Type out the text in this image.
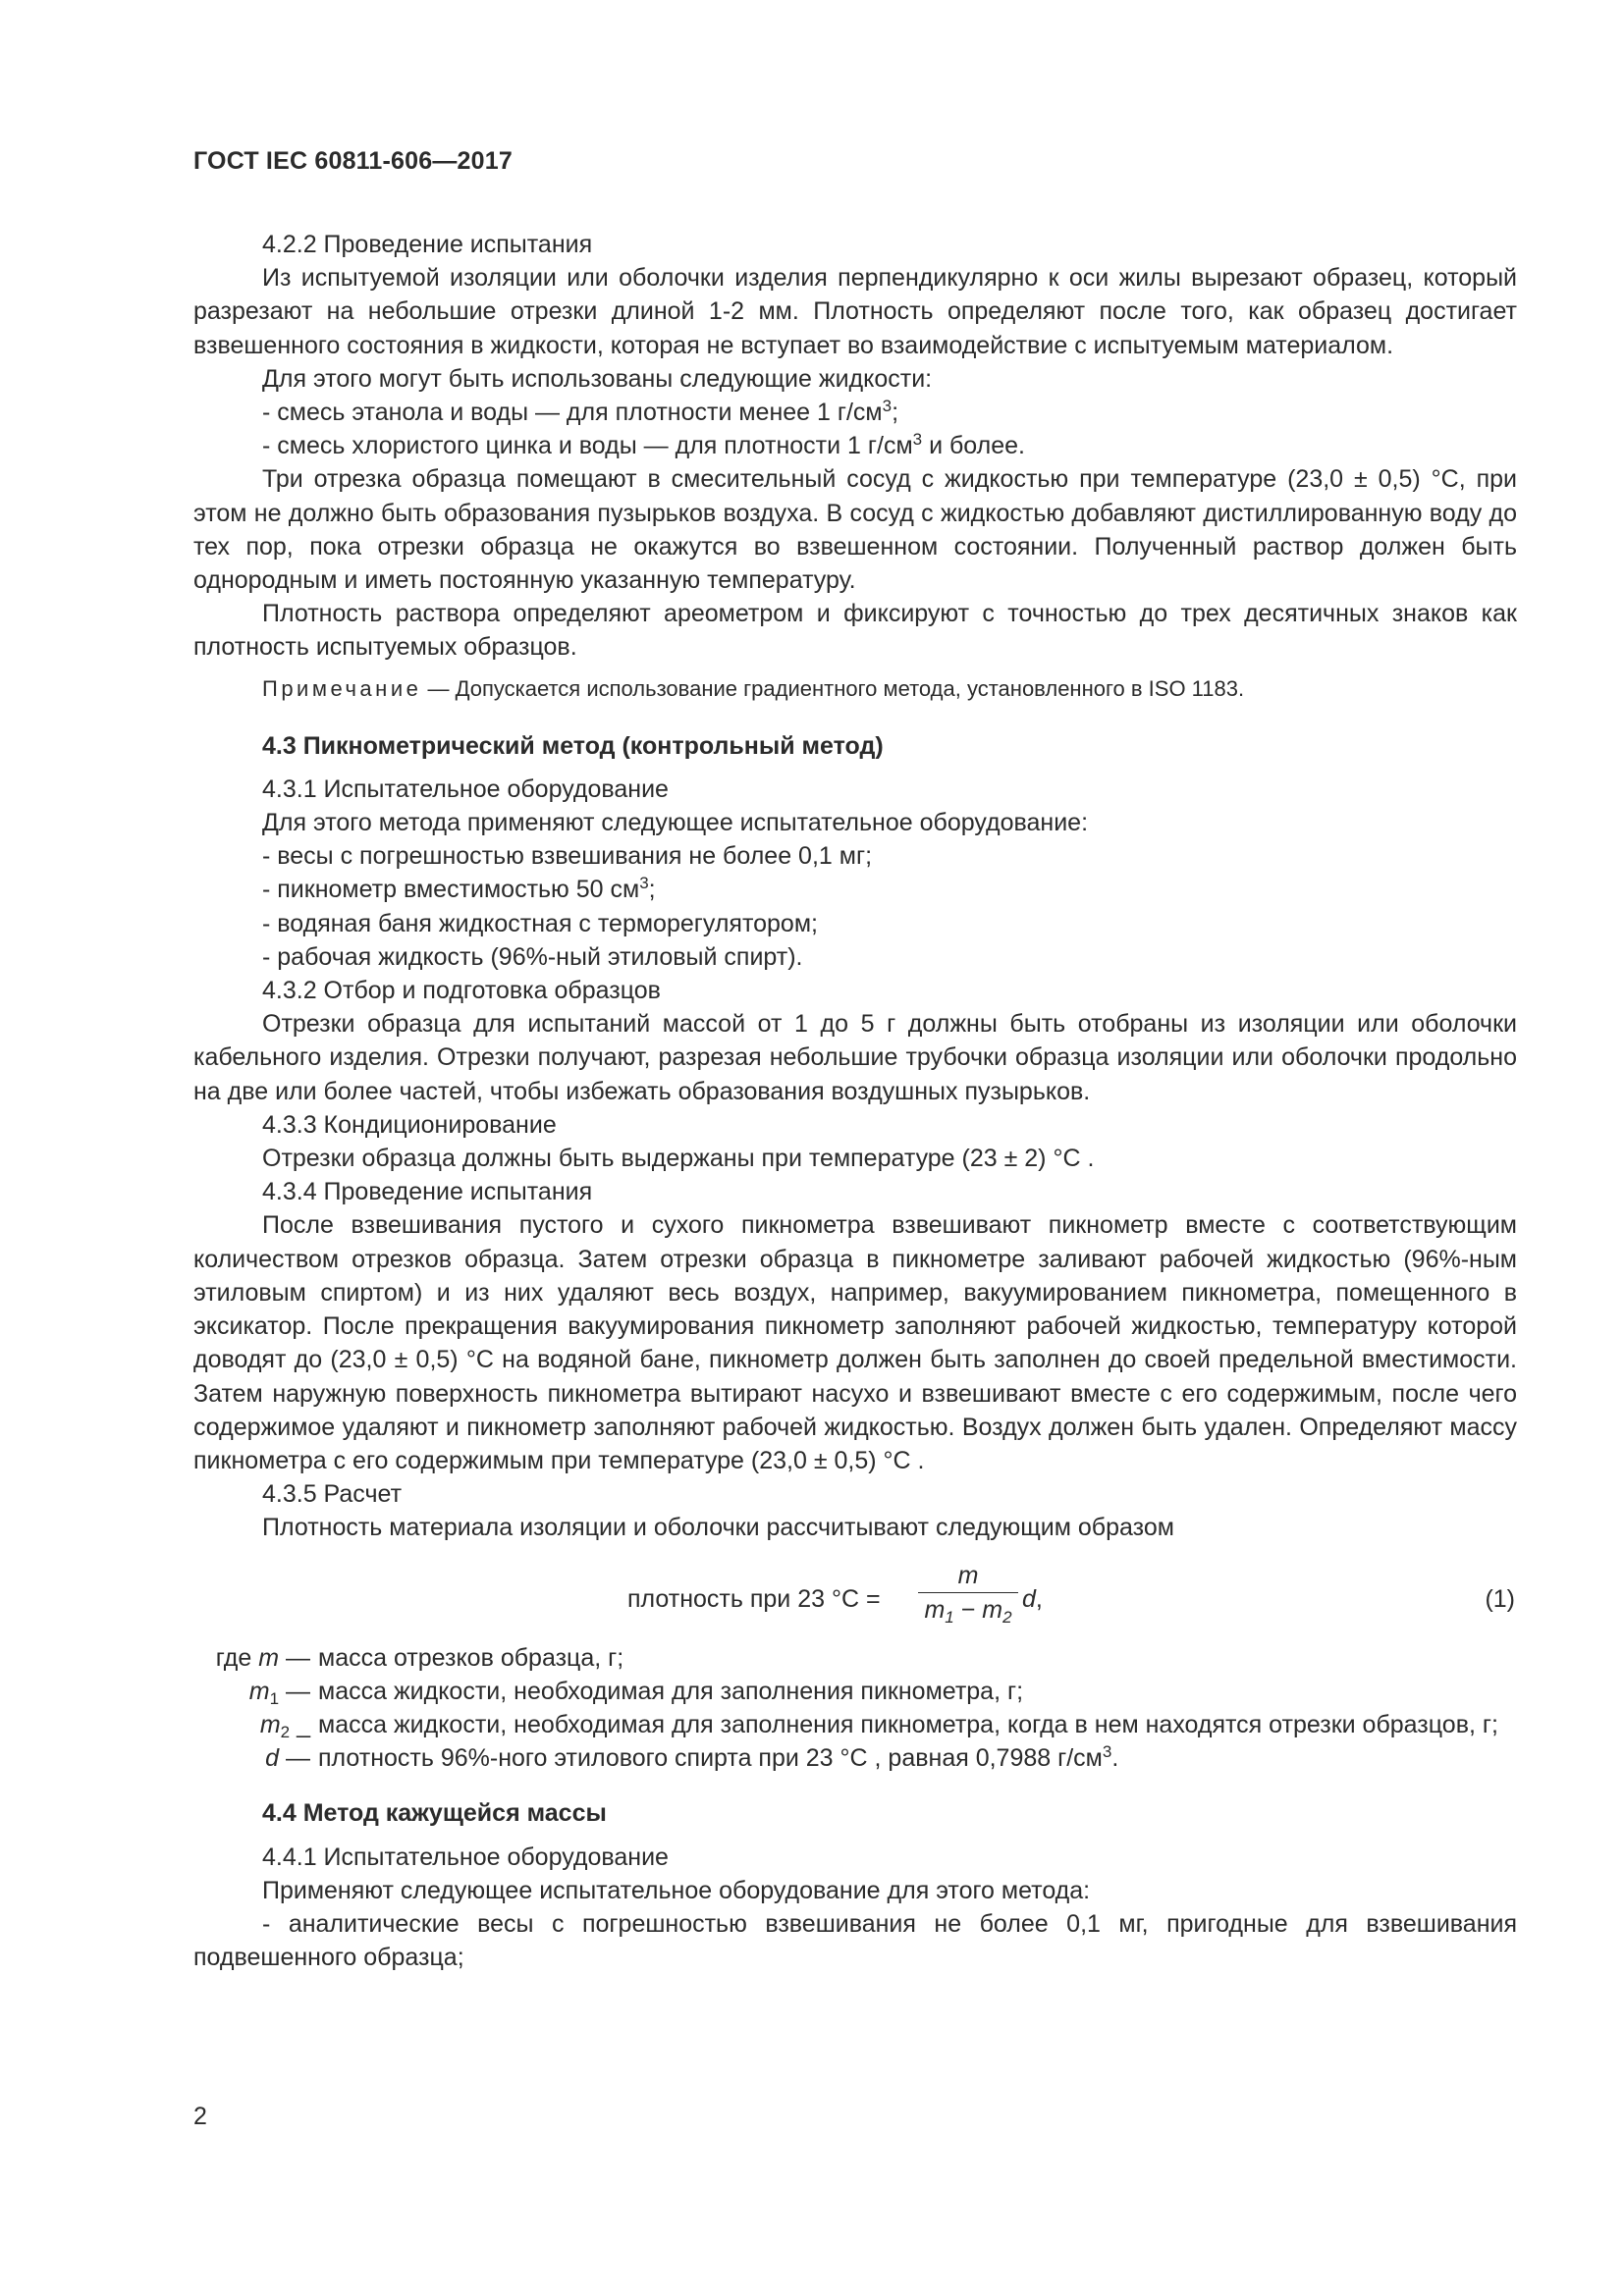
ГОСТ IEC 60811-606—2017

4.2.2 Проведение испытания

Из испытуемой изоляции или оболочки изделия перпендикулярно к оси жилы вырезают образец, который разрезают на небольшие отрезки длиной 1-2 мм. Плотность определяют после того, как образец достигает взвешенного состояния в жидкости, которая не вступает во взаимодействие с испытуемым материалом.

Для этого могут быть использованы следующие жидкости:

- смесь этанола и воды — для плотности менее 1 $г/см^3$;

- смесь хлористого цинка и воды — для плотности 1 $г/см^3$ и более.

Три отрезка образца помещают в смесительный сосуд с жидкостью при температуре (23,0 ± 0,5) °С, при этом не должно быть образования пузырьков воздуха. В сосуд с жидкостью добавляют дистиллированную воду до тех пор, пока отрезки образца не окажутся во взвешенном состоянии. Полученный раствор должен быть однородным и иметь постоянную указанную температуру.

Плотность раствора определяют ареометром и фиксируют с точностью до трех десятичных знаков как плотность испытуемых образцов.

Примечание — Допускается использование градиентного метода, установленного в ISO 1183.

4.3 Пикнометрический метод (контрольный метод)

4.3.1 Испытательное оборудование

Для этого метода применяют следующее испытательное оборудование:

- весы с погрешностью взвешивания не более 0,1 мг;

- пикнометр вместимостью 50 $см^3$;

- водяная баня жидкостная с терморегулятором;

- рабочая жидкость (96%-ный этиловый спирт).

4.3.2 Отбор и подготовка образцов

Отрезки образца для испытаний массой от 1 до 5 г должны быть отобраны из изоляции или оболочки кабельного изделия. Отрезки получают, разрезая небольшие трубочки образца изоляции или оболочки продольно на две или более частей, чтобы избежать образования воздушных пузырьков.

4.3.3 Кондиционирование

Отрезки образца должны быть выдержаны при температуре (23 ± 2) °С .

4.3.4 Проведение испытания

После взвешивания пустого и сухого пикнометра взвешивают пикнометр вместе с соответствующим количеством отрезков образца. Затем отрезки образца в пикнометре заливают рабочей жидкостью (96%-ным этиловым спиртом) и из них удаляют весь воздух, например, вакуумированием пикнометра, помещенного в эксикатор. После прекращения вакуумирования пикнометр заполняют рабочей жидкостью, температуру которой доводят до (23,0 ± 0,5) °С на водяной бане, пикнометр должен быть заполнен до своей предельной вместимости. Затем наружную поверхность пикнометра вытирают насухо и взвешивают вместе с его содержимым, после чего содержимое удаляют и пикнометр заполняют рабочей жидкостью. Воздух должен быть удален. Определяют массу пикнометра с его содержимым при температуре (23,0 ± 0,5) °С .

4.3.5 Расчет

Плотность материала изоляции и оболочки рассчитывают следующим образом

плотность при 23 °С =
m
$m_1 - m_2$
d,	(1)
где m — масса отрезков образца, г;
$m_1$ — масса жидкости, необходимая для заполнения пикнометра, г;
$m_2$ _ масса жидкости, необходимая для заполнения пикнометра, когда в нем находятся отрезки образцов, г;
d — плотность 96%-ного этилового спирта при 23 °С , равная 0,7988 $г/см^3$.

4.4 Метод кажущейся массы

4.4.1 Испытательное оборудование

Применяют следующее испытательное оборудование для этого метода:

- аналитические весы с погрешностью взвешивания не более 0,1 мг, пригодные для взвешивания подвешенного образца;

2
